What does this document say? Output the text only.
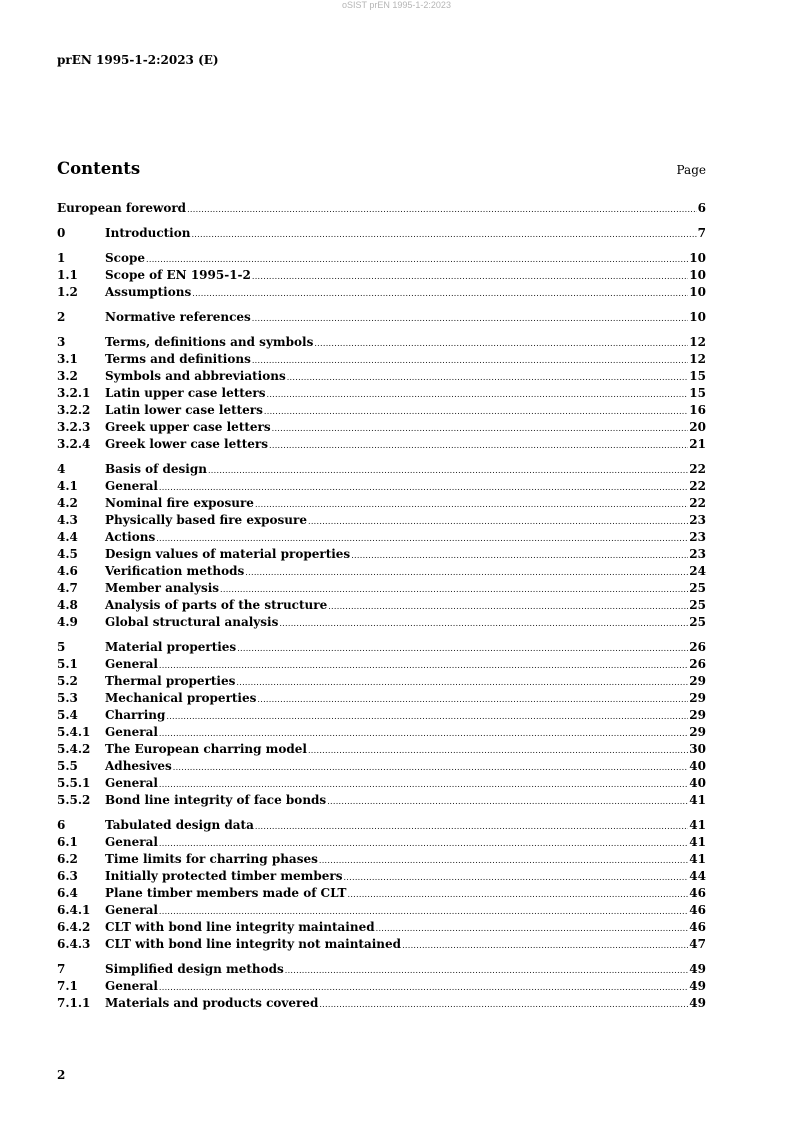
oSIST prEN 1995-1-2:2023
prEN 1995-1-2:2023 (E)
Contents	Page
European foreword .....	6
0	Introduction .....	7
1	Scope .....	10
1.1	Scope of EN 1995-1-2 .....	10
1.2	Assumptions .....	10
2	Normative references .....	10
3	Terms, definitions and symbols .....	12
3.1	Terms and definitions .....	12
3.2	Symbols and abbreviations .....	15
3.2.1	Latin upper case letters .....	15
3.2.2	Latin lower case letters .....	16
3.2.3	Greek upper case letters .....	20
3.2.4	Greek lower case letters .....	21
4	Basis of design .....	22
4.1	General .....	22
4.2	Nominal fire exposure .....	22
4.3	Physically based fire exposure .....	23
4.4	Actions .....	23
4.5	Design values of material properties .....	23
4.6	Verification methods .....	24
4.7	Member analysis .....	25
4.8	Analysis of parts of the structure .....	25
4.9	Global structural analysis .....	25
5	Material properties .....	26
5.1	General .....	26
5.2	Thermal properties .....	29
5.3	Mechanical properties .....	29
5.4	Charring .....	29
5.4.1	General .....	29
5.4.2	The European charring model .....	30
5.5	Adhesives .....	40
5.5.1	General .....	40
5.5.2	Bond line integrity of face bonds .....	41
6	Tabulated design data .....	41
6.1	General .....	41
6.2	Time limits for charring phases .....	41
6.3	Initially protected timber members .....	44
6.4	Plane timber members made of CLT .....	46
6.4.1	General .....	46
6.4.2	CLT with bond line integrity maintained .....	46
6.4.3	CLT with bond line integrity not maintained .....	47
7	Simplified design methods .....	49
7.1	General .....	49
7.1.1	Materials and products covered .....	49
2
